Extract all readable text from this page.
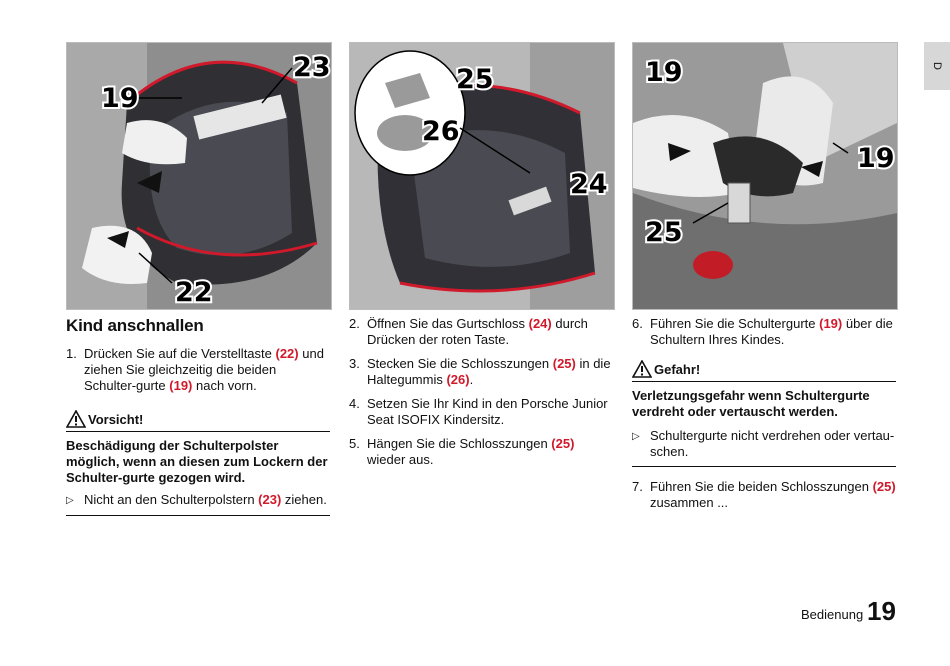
D
19
23
22
25
26
24
19
19
25
Kind anschnallen
1. Drücken Sie auf die Verstelltaste (22) und ziehen Sie gleichzeitig die beiden Schulter-gurte (19) nach vorn.
Vorsicht!
Beschädigung der Schulterpolster möglich, wenn an diesen zum Lockern der Schulter-gurte gezogen wird.
▷ Nicht an den Schulterpolstern (23) ziehen.
2. Öffnen Sie das Gurtschloss (24) durch Drücken der roten Taste.
3. Stecken Sie die Schlosszungen (25) in die Haltegummis (26).
4. Setzen Sie Ihr Kind in den Porsche Junior Seat ISOFIX Kindersitz.
5. Hängen Sie die Schlosszungen (25) wieder aus.
6. Führen Sie die Schultergurte (19) über die Schultern Ihres Kindes.
Gefahr!
Verletzungsgefahr wenn Schultergurte verdreht oder vertauscht werden.
▷ Schultergurte nicht verdrehen oder vertau-schen.
7. Führen Sie die beiden Schlosszungen (25) zusammen ...
Bedienung 19
